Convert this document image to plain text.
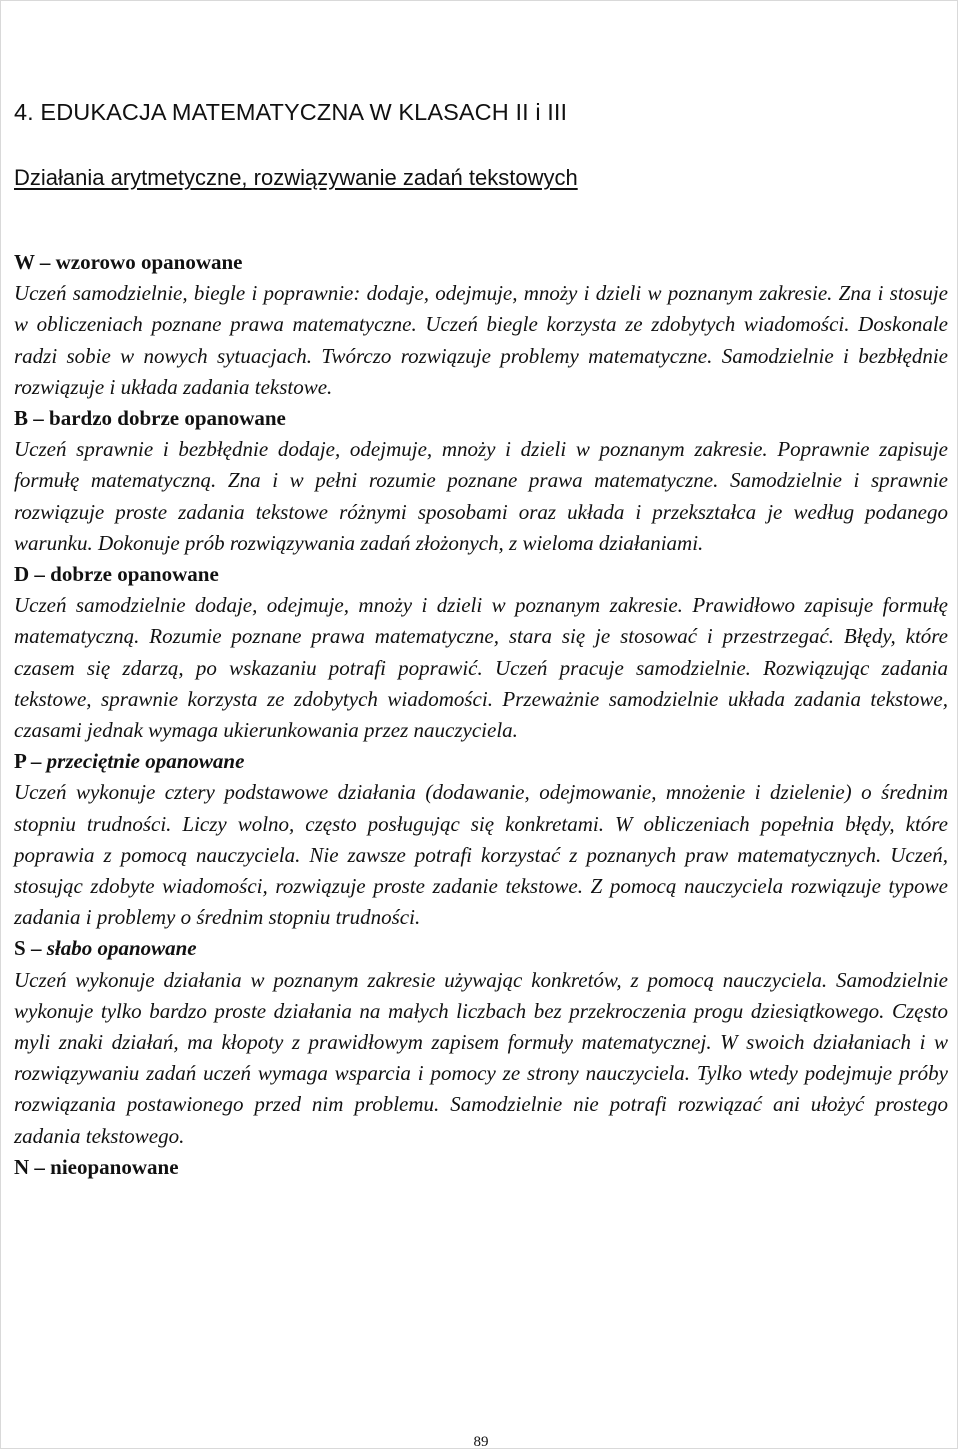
4. EDUKACJA MATEMATYCZNA W KLASACH II i III
Działania arytmetyczne, rozwiązywanie zadań tekstowych

W – wzorowo opanowane

Uczeń samodzielnie, biegle i poprawnie: dodaje, odejmuje, mnoży i dzieli w poznanym zakresie. Zna i stosuje w obliczeniach poznane prawa matematyczne. Uczeń biegle korzysta ze zdobytych wiadomości. Doskonale radzi sobie w nowych sytuacjach. Twórczo rozwiązuje problemy matematyczne. Samodzielnie i bezbłędnie rozwiązuje i układa zadania tekstowe.

B – bardzo dobrze opanowane

Uczeń sprawnie i bezbłędnie dodaje, odejmuje, mnoży i dzieli w poznanym zakresie. Poprawnie zapisuje formułę matematyczną. Zna i w pełni rozumie poznane prawa matematyczne. Samodzielnie i sprawnie rozwiązuje proste zadania tekstowe różnymi sposobami oraz układa i przekształca je według podanego warunku. Dokonuje prób rozwiązywania zadań złożonych, z wieloma działaniami.

D – dobrze opanowane

Uczeń samodzielnie dodaje, odejmuje, mnoży i dzieli w poznanym zakresie. Prawidłowo zapisuje formułę matematyczną. Rozumie poznane prawa matematyczne, stara się je stosować i przestrzegać. Błędy, które czasem się zdarzą, po wskazaniu potrafi poprawić. Uczeń pracuje samodzielnie. Rozwiązując zadania tekstowe, sprawnie korzysta ze zdobytych wiadomości. Przeważnie samodzielnie układa zadania tekstowe, czasami jednak wymaga ukierunkowania przez nauczyciela.

P – przeciętnie opanowane

Uczeń wykonuje cztery podstawowe działania (dodawanie, odejmowanie, mnożenie i dzielenie) o średnim stopniu trudności. Liczy wolno, często posługując się konkretami. W obliczeniach popełnia błędy, które poprawia z pomocą nauczyciela. Nie zawsze potrafi korzystać z poznanych praw matematycznych. Uczeń, stosując zdobyte wiadomości, rozwiązuje proste zadanie tekstowe. Z pomocą nauczyciela rozwiązuje typowe zadania i problemy o średnim stopniu trudności.

S – słabo opanowane

Uczeń wykonuje działania w poznanym zakresie używając konkretów, z pomocą nauczyciela. Samodzielnie wykonuje tylko bardzo proste działania na małych liczbach bez przekroczenia progu dziesiątkowego. Często myli znaki działań, ma kłopoty z prawidłowym zapisem formuły matematycznej. W swoich działaniach i w rozwiązywaniu zadań uczeń wymaga wsparcia i pomocy ze strony nauczyciela. Tylko wtedy podejmuje próby rozwiązania postawionego przed nim problemu. Samodzielnie nie potrafi rozwiązać ani ułożyć prostego zadania tekstowego.

N – nieopanowane

89
